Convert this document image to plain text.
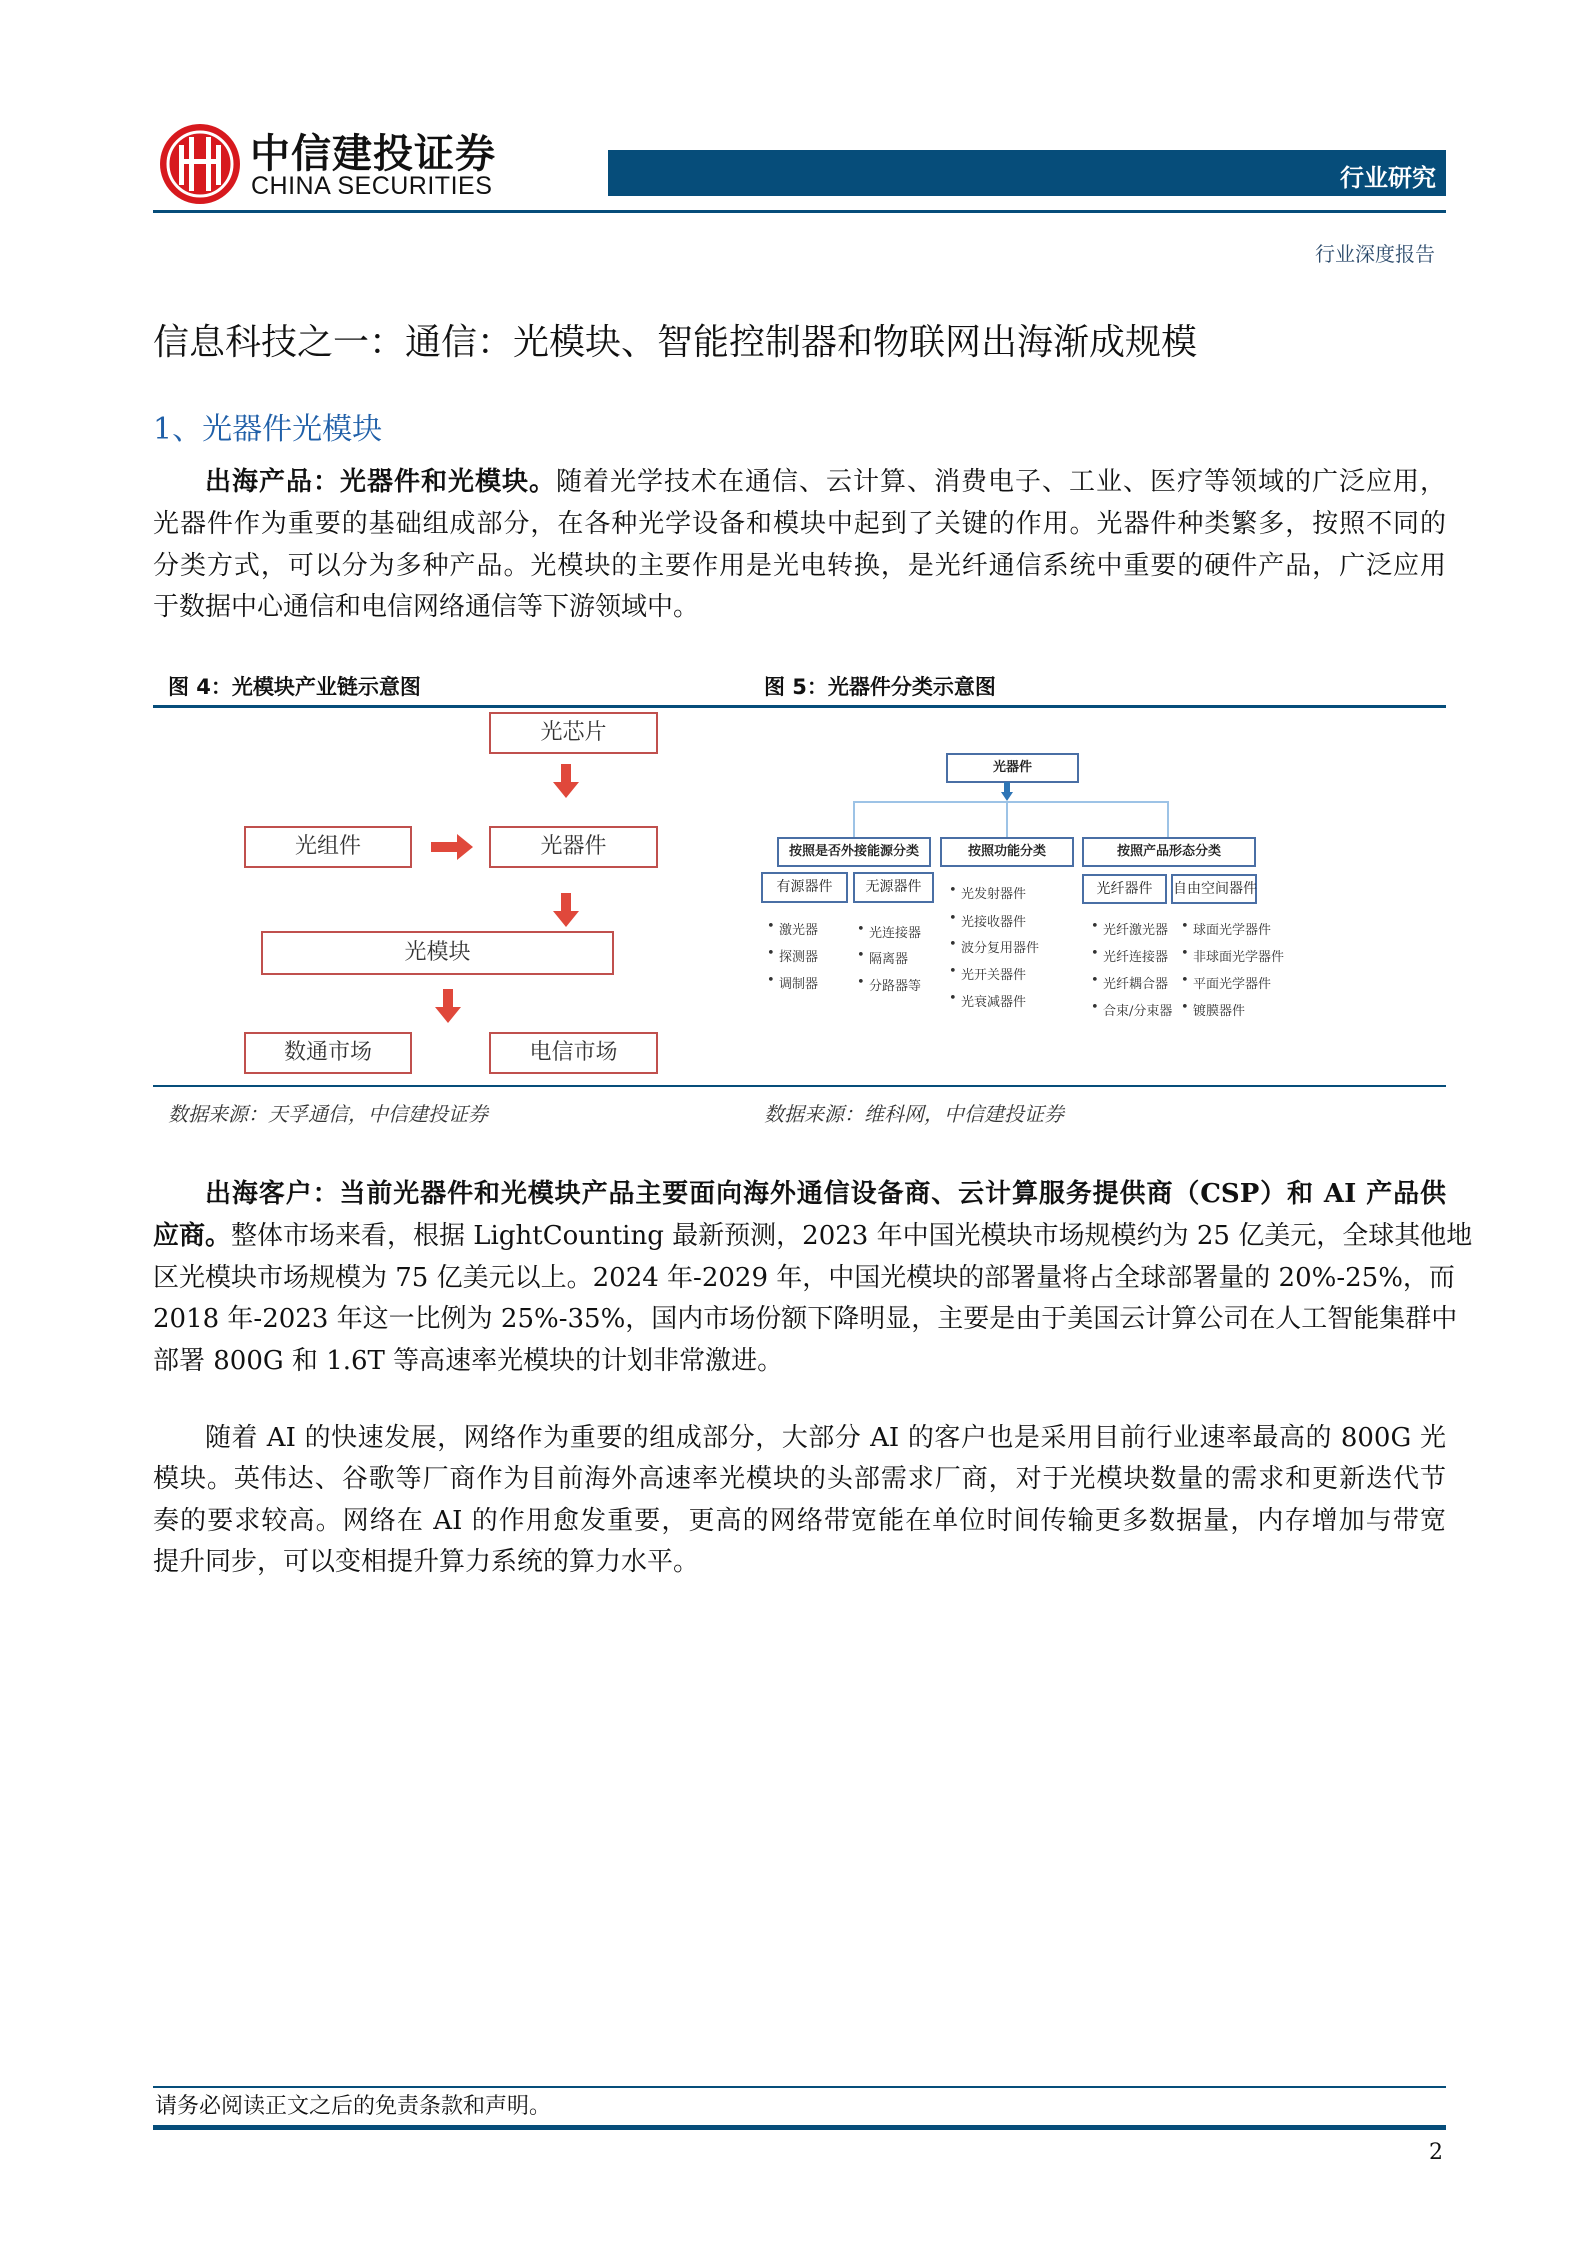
中信建投证券
CHINA SECURITIES	行业研究
行业深度报告
信息科技之一：通信：光模块、智能控制器和物联网出海渐成规模
1、光器件光模块
出海产品：光器件和光模块。随着光学技术在通信、云计算、消费电子、工业、医疗等领域的广泛应用，
光器件作为重要的基础组成部分，在各种光学设备和模块中起到了关键的作用。光器件种类繁多，按照不同的
分类方式，可以分为多种产品。光模块的主要作用是光电转换，是光纤通信系统中重要的硬件产品，广泛应用
于数据中心通信和电信网络通信等下游领域中。
图 4：光模块产业链示意图	图 5：光器件分类示意图
光芯片
光组件	光器件
光模块
数通市场	电信市场
光器件
按照是否外接能源分类	按照功能分类	按照产品形态分类
有源器件	无源器件	光纤器件	自由空间器件
• 激光器
• 探测器
• 调制器
• 光连接器
• 隔离器
• 分路器等
• 光发射器件
• 光接收器件
• 波分复用器件
• 光开关器件
• 光衰减器件
• 光纤激光器
• 光纤连接器
• 光纤耦合器
• 合束/分束器
• 球面光学器件
• 非球面光学器件
• 平面光学器件
• 镀膜器件
数据来源：天孚通信，中信建投证券	数据来源：维科网，中信建投证券
出海客户：当前光器件和光模块产品主要面向海外通信设备商、云计算服务提供商（CSP）和 AI 产品供
应商。整体市场来看，根据 LightCounting 最新预测，2023 年中国光模块市场规模约为 25 亿美元，全球其他地
区光模块市场规模为 75 亿美元以上。2024 年-2029 年，中国光模块的部署量将占全球部署量的 20%-25%，而
2018 年-2023 年这一比例为 25%-35%，国内市场份额下降明显，主要是由于美国云计算公司在人工智能集群中
部署 800G 和 1.6T 等高速率光模块的计划非常激进。
随着 AI 的快速发展，网络作为重要的组成部分，大部分 AI 的客户也是采用目前行业速率最高的 800G 光
模块。英伟达、谷歌等厂商作为目前海外高速率光模块的头部需求厂商，对于光模块数量的需求和更新迭代节
奏的要求较高。网络在 AI 的作用愈发重要，更高的网络带宽能在单位时间传输更多数据量，内存增加与带宽
提升同步，可以变相提升算力系统的算力水平。
请务必阅读正文之后的免责条款和声明。
2
